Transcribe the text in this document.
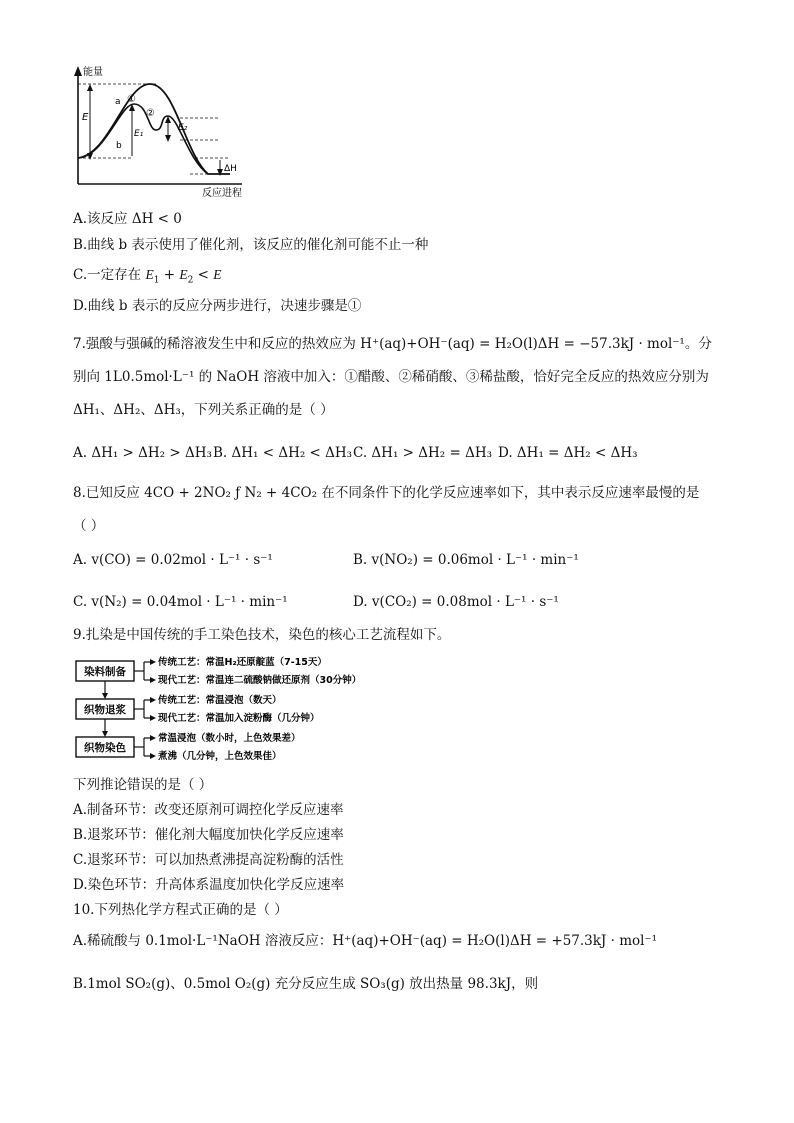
能量
反应进程
E
a
b
①
②
E₁
E₂
ΔH
A.该反应 ΔH < 0
B.曲线 b 表示使用了催化剂，该反应的催化剂可能不止一种
C.一定存在 $E_1 + E_2 < E$
D.曲线 b 表示的反应分两步进行，决速步骤是①
7.强酸与强碱的稀溶液发生中和反应的热效应为 H⁺(aq)+OH⁻(aq) = H₂O(l)ΔH = −57.3kJ · mol⁻¹。分
别向 1L0.5mol·L⁻¹ 的 NaOH 溶液中加入：①醋酸、②稀硝酸、③稀盐酸，恰好完全反应的热效应分别为
ΔH₁、ΔH₂、ΔH₃，下列关系正确的是（ ）
A. ΔH₁ > ΔH₂ > ΔH₃B. ΔH₁ < ΔH₂ < ΔH₃C. ΔH₁ > ΔH₂ = ΔH₃ D. ΔH₁ = ΔH₂ < ΔH₃
8.已知反应 4CO + 2NO₂ ƒ N₂ + 4CO₂ 在不同条件下的化学反应速率如下，其中表示反应速率最慢的是
（ ）
A. v(CO) = 0.02mol · L⁻¹ · s⁻¹	B. v(NO₂) = 0.06mol · L⁻¹ · min⁻¹
C. v(N₂) = 0.04mol · L⁻¹ · min⁻¹	D. v(CO₂) = 0.08mol · L⁻¹ · s⁻¹
9.扎染是中国传统的手工染色技术，染色的核心工艺流程如下。
染料制备
传统工艺：常温H₂还原靛蓝（7-15天）
现代工艺：常温连二硫酸钠做还原剂（30分钟）
织物退浆
传统工艺：常温浸泡（数天）
现代工艺：常温加入淀粉酶（几分钟）
织物染色
常温浸泡（数小时，上色效果差）
煮沸（几分钟，上色效果佳）
下列推论错误的是（ ）
A.制备环节：改变还原剂可调控化学反应速率
B.退浆环节：催化剂大幅度加快化学反应速率
C.退浆环节：可以加热煮沸提高淀粉酶的活性
D.染色环节：升高体系温度加快化学反应速率
10.下列热化学方程式正确的是（ ）
A.稀硫酸与 0.1mol·L⁻¹NaOH 溶液反应：H⁺(aq)+OH⁻(aq) = H₂O(l)ΔH = +57.3kJ · mol⁻¹
B.1mol SO₂(g)、0.5mol O₂(g) 充分反应生成 SO₃(g) 放出热量 98.3kJ，则
